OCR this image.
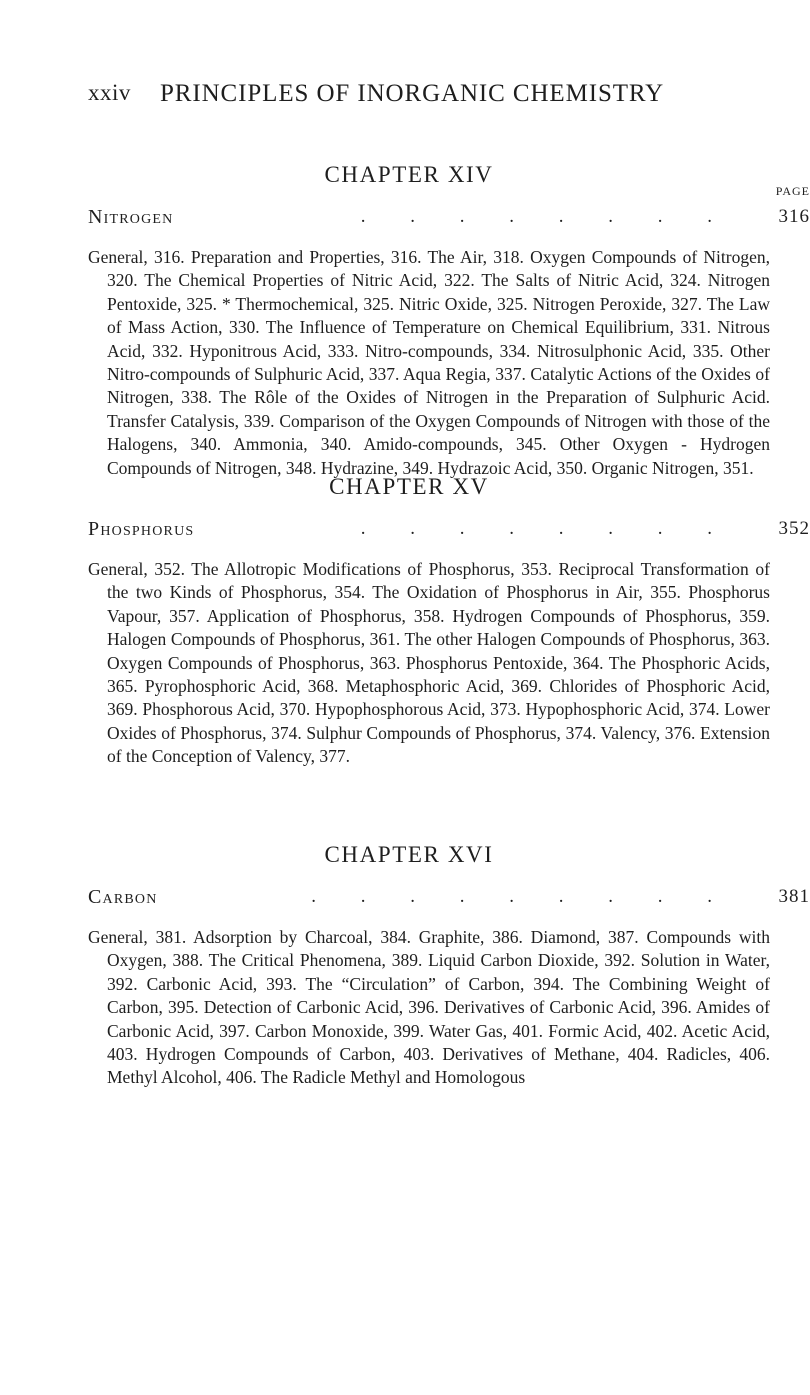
xxiv PRINCIPLES OF INORGANIC CHEMISTRY
CHAPTER XIV
PAGE
Nitrogen	. . . . . . . . 316

General, 316. Preparation and Properties, 316. The Air, 318. Oxygen Compounds of Nitrogen, 320. The Chemical Properties of Nitric Acid, 322. The Salts of Nitric Acid, 324. Nitrogen Pentoxide, 325. * Thermochemical, 325. Nitric Oxide, 325. Nitrogen Peroxide, 327. The Law of Mass Action, 330. The Influence of Temperature on Chemical Equilibrium, 331. Nitrous Acid, 332. Hyponitrous Acid, 333. Nitro-compounds, 334. Nitrosulphonic Acid, 335. Other Nitro-compounds of Sulphuric Acid, 337. Aqua Regia, 337. Catalytic Actions of the Oxides of Nitrogen, 338. The Rôle of the Oxides of Nitrogen in the Preparation of Sulphuric Acid. Transfer Catalysis, 339. Comparison of the Oxygen Compounds of Nitrogen with those of the Halogens, 340. Ammonia, 340. Amido-compounds, 345. Other Oxygen - Hydrogen Compounds of Nitrogen, 348. Hydrazine, 349. Hydrazoic Acid, 350. Organic Nitrogen, 351.

CHAPTER XV
Phosphorus	. . . . . . . . 352

General, 352. The Allotropic Modifications of Phosphorus, 353. Reciprocal Transformation of the two Kinds of Phosphorus, 354. The Oxidation of Phosphorus in Air, 355. Phosphorus Vapour, 357. Application of Phosphorus, 358. Hydrogen Compounds of Phosphorus, 359. Halogen Compounds of Phosphorus, 361. The other Halogen Compounds of Phosphorus, 363. Oxygen Compounds of Phosphorus, 363. Phosphorus Pentoxide, 364. The Phosphoric Acids, 365. Pyrophosphoric Acid, 368. Metaphosphoric Acid, 369. Chlorides of Phosphoric Acid, 369. Phosphorous Acid, 370. Hypophosphorous Acid, 373. Hypophosphoric Acid, 374. Lower Oxides of Phosphorus, 374. Sulphur Compounds of Phosphorus, 374. Valency, 376. Extension of the Conception of Valency, 377.

CHAPTER XVI
Carbon	. . . . . . . . . 381

General, 381. Adsorption by Charcoal, 384. Graphite, 386. Diamond, 387. Compounds with Oxygen, 388. The Critical Phenomena, 389. Liquid Carbon Dioxide, 392. Solution in Water, 392. Carbonic Acid, 393. The “Circulation” of Carbon, 394. The Combining Weight of Carbon, 395. Detection of Carbonic Acid, 396. Derivatives of Carbonic Acid, 396. Amides of Carbonic Acid, 397. Carbon Monoxide, 399. Water Gas, 401. Formic Acid, 402. Acetic Acid, 403. Hydrogen Compounds of Carbon, 403. Derivatives of Methane, 404. Radicles, 406. Methyl Alcohol, 406. The Radicle Methyl and Homologous
